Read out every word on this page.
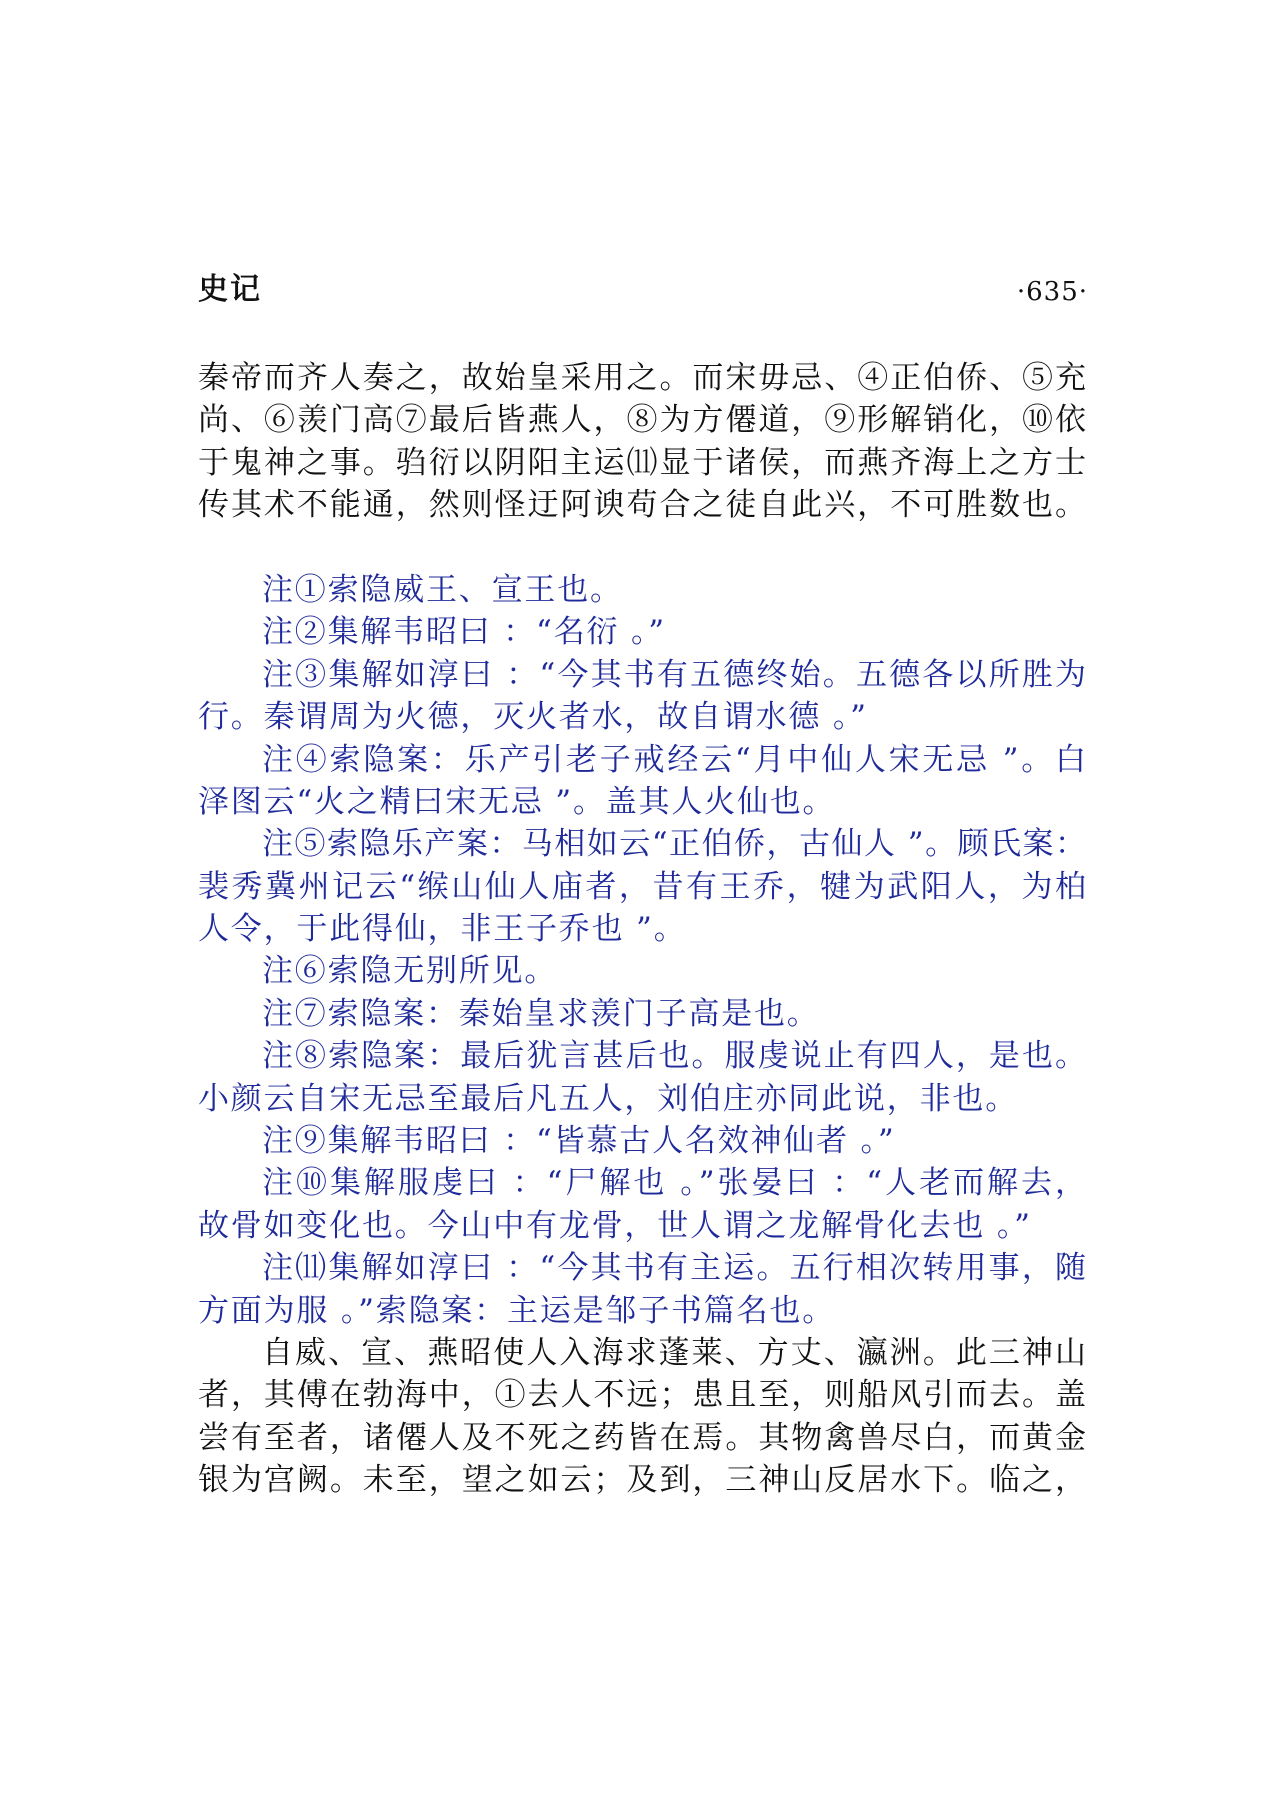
史记	·635·
秦帝而齐人奏之，故始皇采用之。而宋毋忌、④正伯侨、⑤充
尚、⑥羡门高⑦最后皆燕人，⑧为方僊道，⑨形解销化，⑩依
于鬼神之事。驺衍以阴阳主运⑾显于诸侯，而燕齐海上之方士
传其术不能通，然则怪迂阿谀苟合之徒自此兴，不可胜数也。
注①索隐威王、宣王也。
注②集解韦昭曰 ：“名衍 。”
注③集解如淳曰 ：“今其书有五德终始。五德各以所胜为
行。秦谓周为火德，灭火者水，故自谓水德 。”
注④索隐案：乐产引老子戒经云“月中仙人宋无忌 ”。白
泽图云“火之精曰宋无忌 ”。盖其人火仙也。
注⑤索隐乐产案：马相如云“正伯侨，古仙人 ”。顾氏案：
裴秀冀州记云“缑山仙人庙者，昔有王乔，犍为武阳人，为柏
人令，于此得仙，非王子乔也 ”。
注⑥索隐无别所见。
注⑦索隐案：秦始皇求羡门子高是也。
注⑧索隐案：最后犹言甚后也。服虔说止有四人，是也。
小颜云自宋无忌至最后凡五人，刘伯庄亦同此说，非也。
注⑨集解韦昭曰 ：“皆慕古人名效神仙者 。”
注⑩集解服虔曰 ：“尸解也 。”张晏曰 ：“人老而解去，
故骨如变化也。今山中有龙骨，世人谓之龙解骨化去也 。”
注⑾集解如淳曰 ：“今其书有主运。五行相次转用事，随
方面为服 。”索隐案：主运是邹子书篇名也。
自威、宣、燕昭使人入海求蓬莱、方丈、瀛洲。此三神山
者，其傅在勃海中，①去人不远；患且至，则船风引而去。盖
尝有至者，诸僊人及不死之药皆在焉。其物禽兽尽白，而黄金
银为宫阙。未至，望之如云；及到，三神山反居水下。临之，
